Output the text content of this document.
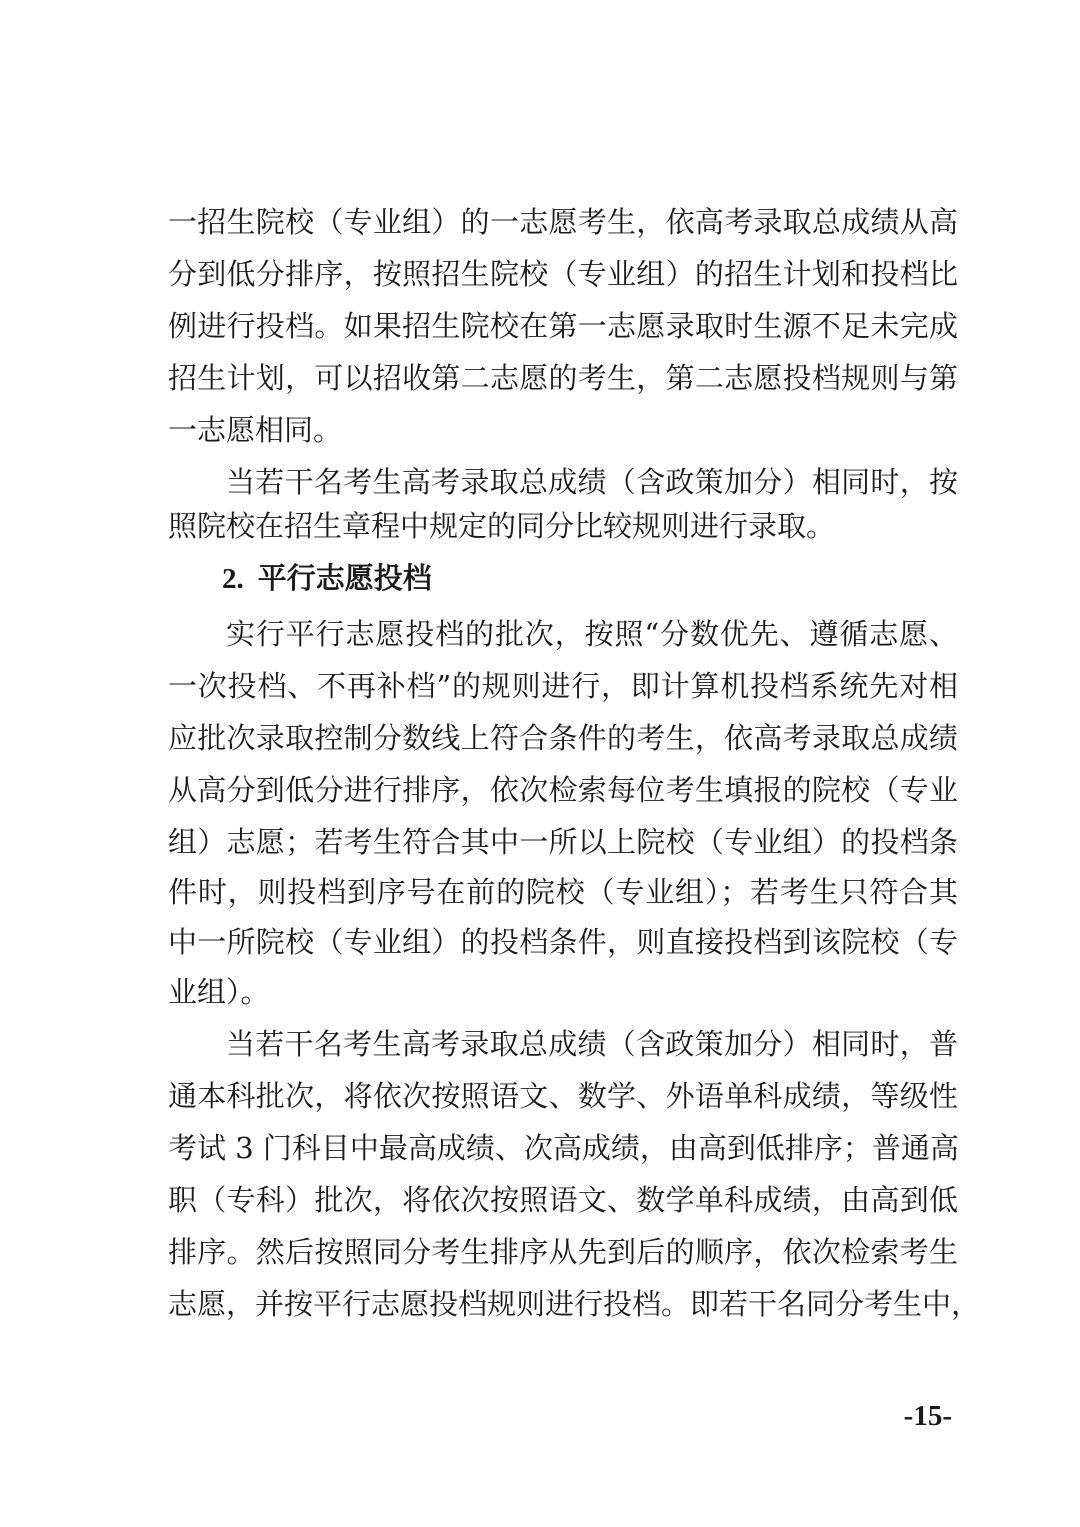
一招生院校（专业组）的一志愿考生，依高考录取总成绩从高
分到低分排序，按照招生院校（专业组）的招生计划和投档比
例进行投档。如果招生院校在第一志愿录取时生源不足未完成
招生计划，可以招收第二志愿的考生，第二志愿投档规则与第
一志愿相同。
当若干名考生高考录取总成绩（含政策加分）相同时，按
照院校在招生章程中规定的同分比较规则进行录取。
2. 平行志愿投档
实行平行志愿投档的批次，按照“分数优先、遵循志愿、
一次投档、不再补档”的规则进行，即计算机投档系统先对相
应批次录取控制分数线上符合条件的考生，依高考录取总成绩
从高分到低分进行排序，依次检索每位考生填报的院校（专业
组）志愿；若考生符合其中一所以上院校（专业组）的投档条
件时，则投档到序号在前的院校（专业组）；若考生只符合其
中一所院校（专业组）的投档条件，则直接投档到该院校（专
业组）。
当若干名考生高考录取总成绩（含政策加分）相同时，普
通本科批次，将依次按照语文、数学、外语单科成绩，等级性
考试 3 门科目中最高成绩、次高成绩，由高到低排序；普通高
职（专科）批次，将依次按照语文、数学单科成绩，由高到低
排序。然后按照同分考生排序从先到后的顺序，依次检索考生
志愿，并按平行志愿投档规则进行投档。即若干名同分考生中，
-15-
